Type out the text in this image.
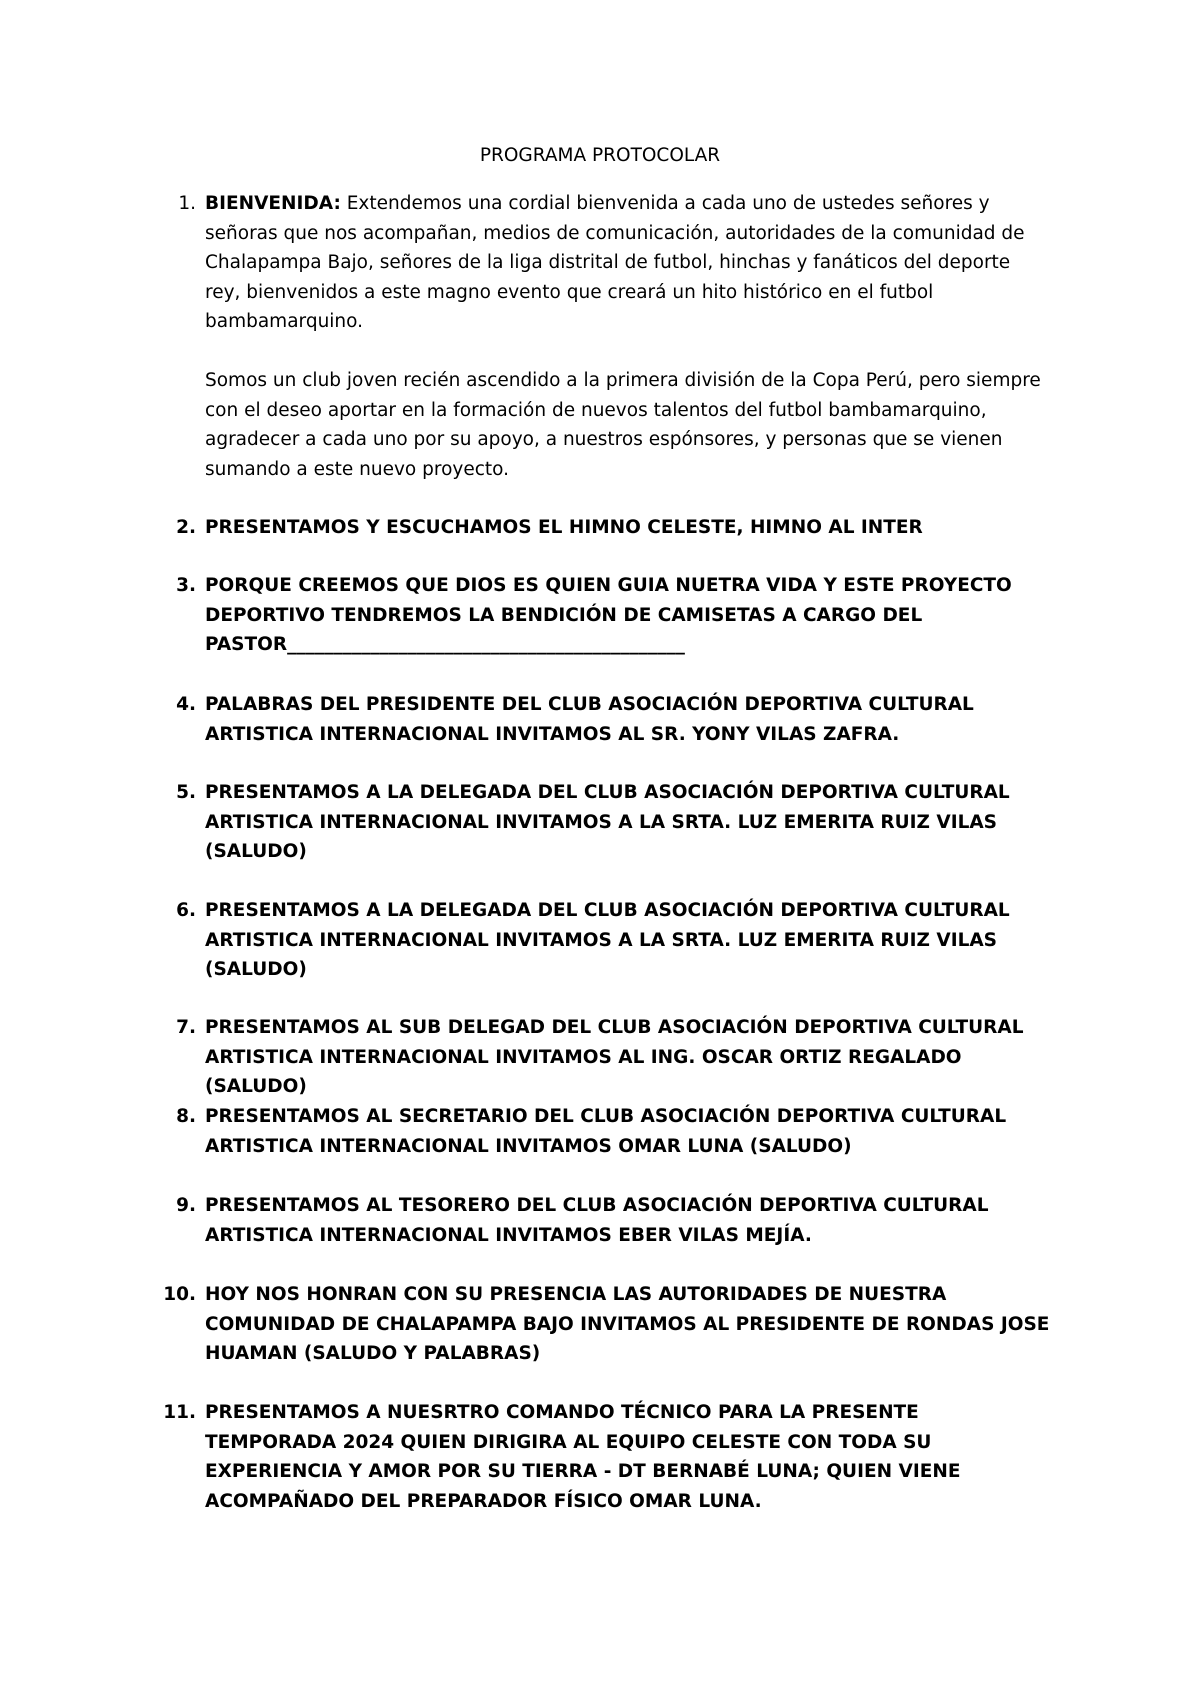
PROGRAMA PROTOCOLAR
1. BIENVENIDA: Extendemos una cordial bienvenida a cada uno de ustedes señores y señoras que nos acompañan, medios de comunicación, autoridades de la comunidad de Chalapampa Bajo, señores de la liga distrital de futbol, hinchas y fanáticos del deporte rey, bienvenidos a este magno evento que creará un hito histórico en el futbol bambamarquino.
Somos un club joven recién ascendido a la primera división de la Copa Perú, pero siempre con el deseo aportar en la formación de nuevos talentos del futbol bambamarquino, agradecer a cada uno por su apoyo, a nuestros espónsores, y personas que se vienen sumando a este nuevo proyecto.
2. PRESENTAMOS Y ESCUCHAMOS EL HIMNO CELESTE, HIMNO AL INTER
3. PORQUE CREEMOS QUE DIOS ES QUIEN GUIA NUETRA VIDA Y ESTE PROYECTO DEPORTIVO TENDREMOS LA BENDICIÓN DE CAMISETAS A CARGO DEL PASTOR___________________________________________
4. PALABRAS DEL PRESIDENTE DEL CLUB ASOCIACIÓN DEPORTIVA CULTURAL ARTISTICA INTERNACIONAL INVITAMOS AL SR. YONY VILAS ZAFRA.
5. PRESENTAMOS A LA DELEGADA DEL CLUB ASOCIACIÓN DEPORTIVA CULTURAL ARTISTICA INTERNACIONAL INVITAMOS A LA SRTA. LUZ EMERITA RUIZ VILAS (SALUDO)
6. PRESENTAMOS A LA DELEGADA DEL CLUB ASOCIACIÓN DEPORTIVA CULTURAL ARTISTICA INTERNACIONAL INVITAMOS A LA SRTA. LUZ EMERITA RUIZ VILAS (SALUDO)
7. PRESENTAMOS AL SUB DELEGAD DEL CLUB ASOCIACIÓN DEPORTIVA CULTURAL ARTISTICA INTERNACIONAL INVITAMOS AL ING. OSCAR ORTIZ REGALADO (SALUDO)
8. PRESENTAMOS AL SECRETARIO DEL CLUB ASOCIACIÓN DEPORTIVA CULTURAL ARTISTICA INTERNACIONAL INVITAMOS OMAR LUNA (SALUDO)
9. PRESENTAMOS AL TESORERO DEL CLUB ASOCIACIÓN DEPORTIVA CULTURAL ARTISTICA INTERNACIONAL INVITAMOS EBER VILAS MEJÍA.
10. HOY NOS HONRAN CON SU PRESENCIA LAS AUTORIDADES DE NUESTRA COMUNIDAD DE CHALAPAMPA BAJO INVITAMOS AL PRESIDENTE DE RONDAS JOSE HUAMAN (SALUDO Y PALABRAS)
11. PRESENTAMOS A NUESRTRO COMANDO TÉCNICO PARA LA PRESENTE TEMPORADA 2024 QUIEN DIRIGIRA AL EQUIPO CELESTE CON TODA SU EXPERIENCIA Y AMOR POR SU TIERRA - DT BERNABÉ LUNA; QUIEN VIENE ACOMPAÑADO DEL PREPARADOR FÍSICO OMAR LUNA.
